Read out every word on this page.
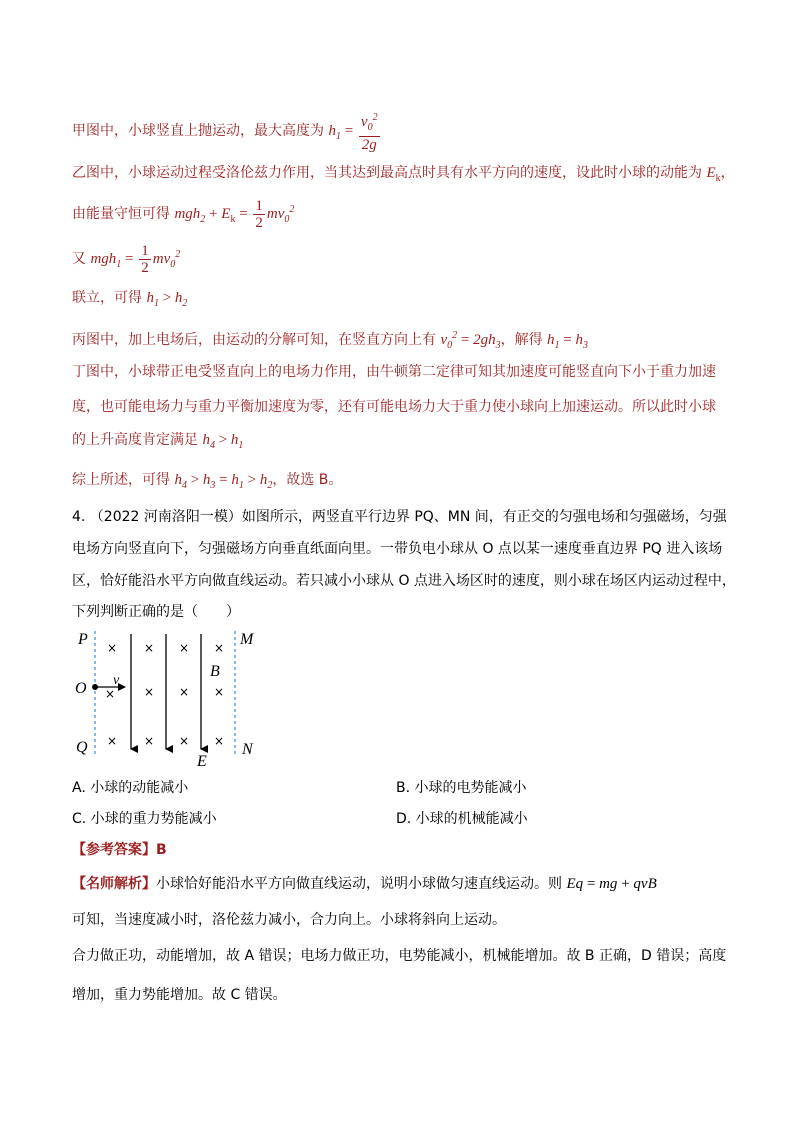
甲图中，小球竖直上抛运动，最大高度为 $h_1 = \frac{v_0^2}{2g}$
乙图中，小球运动过程受洛伦兹力作用，当其达到最高点时具有水平方向的速度，设此时小球的动能为 $E_k$，
由能量守恒可得 $mgh_2 + E_k = \frac{1}{2} mv_0^2$
又 $mgh_1 = \frac{1}{2} mv_0^2$
联立，可得 $h_1 > h_2$
丙图中，加上电场后，由运动的分解可知，在竖直方向上有 $v_0^2 = 2gh_3$，解得 $h_1 = h_3$
丁图中，小球带正电受竖直向上的电场力作用，由牛顿第二定律可知其加速度可能竖直向下小于重力加速
度，也可能电场力与重力平衡加速度为零，还有可能电场力大于重力使小球向上加速运动。所以此时小球
的上升高度肯定满足 $h_4 > h_1$
综上所述，可得 $h_4 > h_3 = h_1 > h_2$，故选 B。
4. （2022 河南洛阳一模）如图所示，两竖直平行边界 PQ、MN 间，有正交的匀强电场和匀强磁场，匀强
电场方向竖直向下，匀强磁场方向垂直纸面向里。一带负电小球从 O 点以某一速度垂直边界 PQ 进入该场
区，恰好能沿水平方向做直线运动。若只减小小球从 O 点进入场区时的速度，则小球在场区内运动过程中，
下列判断正确的是（　　）
× × × ×
× × × ×
× × × ×
P	M
O v
B
Q	N
E
A. 小球的动能减小	B. 小球的电势能减小
C. 小球的重力势能减小	D. 小球的机械能减小
【参考答案】B
【名师解析】小球恰好能沿水平方向做直线运动，说明小球做匀速直线运动。则 Eq = mg + qvB
可知，当速度减小时，洛伦兹力减小，合力向上。小球将斜向上运动。
合力做正功，动能增加，故 A 错误；电场力做正功，电势能减小，机械能增加。故 B 正确，D 错误；高度
增加，重力势能增加。故 C 错误。
